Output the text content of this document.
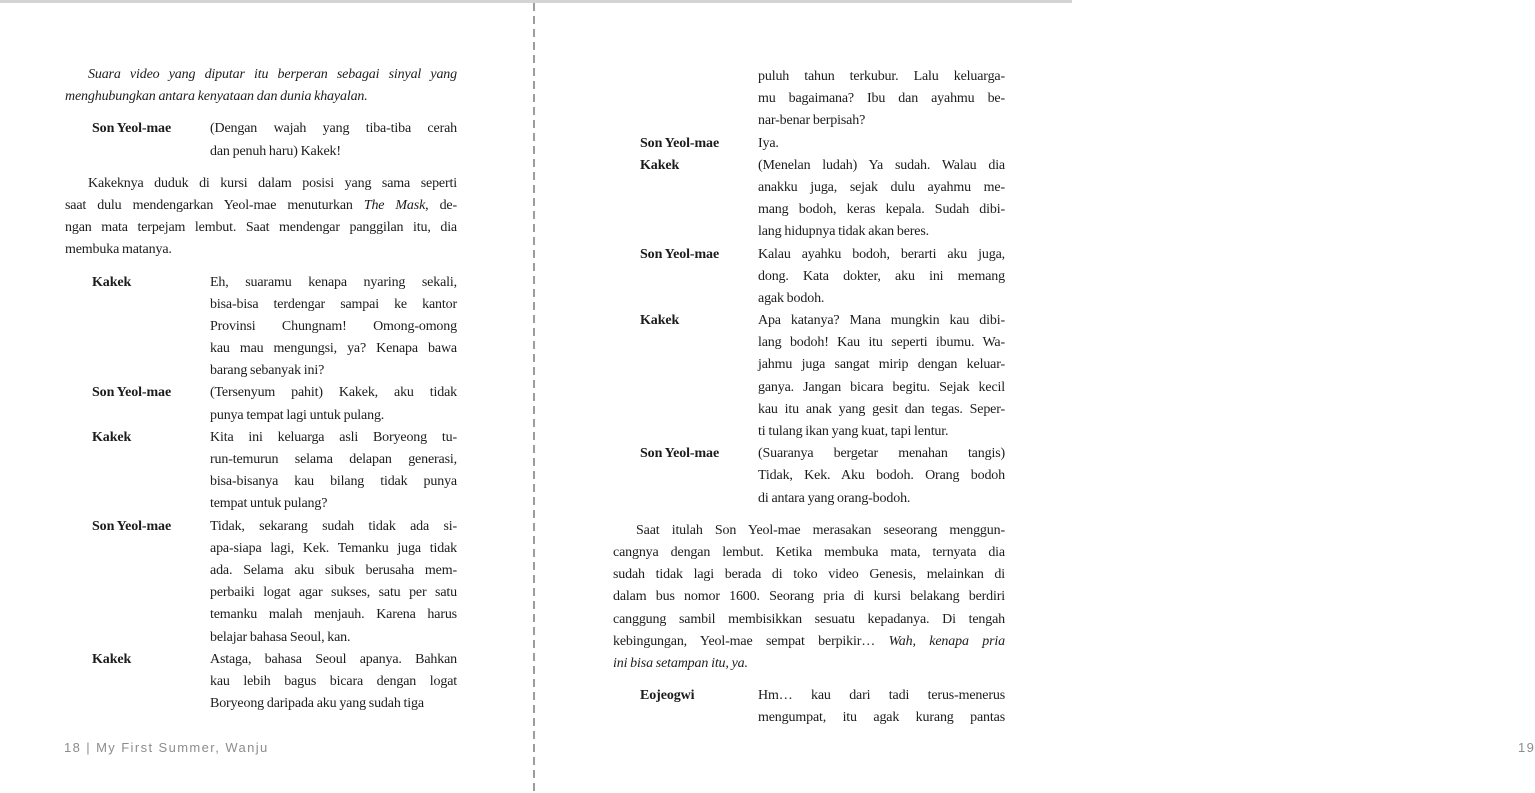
Suara video yang diputar itu berperan sebagai sinyal yang
menghubungkan antara kenyataan dan dunia khayalan.
Son Yeol-mae	(Dengan wajah yang tiba-tiba cerah
dan penuh haru) Kakek!
Kakeknya duduk di kursi dalam posisi yang sama seperti
saat dulu mendengarkan Yeol-mae menuturkan The Mask, de-
ngan mata terpejam lembut. Saat mendengar panggilan itu, dia
membuka matanya.
Kakek	Eh, suaramu kenapa nyaring sekali,
bisa-bisa terdengar sampai ke kantor
Provinsi Chungnam! Omong-omong
kau mau mengungsi, ya? Kenapa bawa
barang sebanyak ini?
Son Yeol-mae	(Tersenyum pahit) Kakek, aku tidak
punya tempat lagi untuk pulang.
Kakek	Kita ini keluarga asli Boryeong tu-
run-temurun selama delapan generasi,
bisa-bisanya kau bilang tidak punya
tempat untuk pulang?
Son Yeol-mae	Tidak, sekarang sudah tidak ada si-
apa-siapa lagi, Kek. Temanku juga tidak
ada. Selama aku sibuk berusaha mem-
perbaiki logat agar sukses, satu per satu
temanku malah menjauh. Karena harus
belajar bahasa Seoul, kan.
Kakek	Astaga, bahasa Seoul apanya. Bahkan
kau lebih bagus bicara dengan logat
Boryeong daripada aku yang sudah tiga
18 | My First Summer, Wanju
puluh tahun terkubur. Lalu keluarga-
mu bagaimana? Ibu dan ayahmu be-
nar-benar berpisah?
Son Yeol-mae	Iya.
Kakek	(Menelan ludah) Ya sudah. Walau dia
anakku juga, sejak dulu ayahmu me-
mang bodoh, keras kepala. Sudah dibi-
lang hidupnya tidak akan beres.
Son Yeol-mae	Kalau ayahku bodoh, berarti aku juga,
dong. Kata dokter, aku ini memang
agak bodoh.
Kakek	Apa katanya? Mana mungkin kau dibi-
lang bodoh! Kau itu seperti ibumu. Wa-
jahmu juga sangat mirip dengan keluar-
ganya. Jangan bicara begitu. Sejak kecil
kau itu anak yang gesit dan tegas. Seper-
ti tulang ikan yang kuat, tapi lentur.
Son Yeol-mae	(Suaranya bergetar menahan tangis)
Tidak, Kek. Aku bodoh. Orang bodoh
di antara yang orang-bodoh.
Saat itulah Son Yeol-mae merasakan seseorang menggun-
cangnya dengan lembut. Ketika membuka mata, ternyata dia
sudah tidak lagi berada di toko video Genesis, melainkan di
dalam bus nomor 1600. Seorang pria di kursi belakang berdiri
canggung sambil membisikkan sesuatu kepadanya. Di tengah
kebingungan, Yeol-mae sempat berpikir… Wah, kenapa pria
ini bisa setampan itu, ya.
Eojeogwi	Hm… kau dari tadi terus-menerus
mengumpat, itu agak kurang pantas
19
